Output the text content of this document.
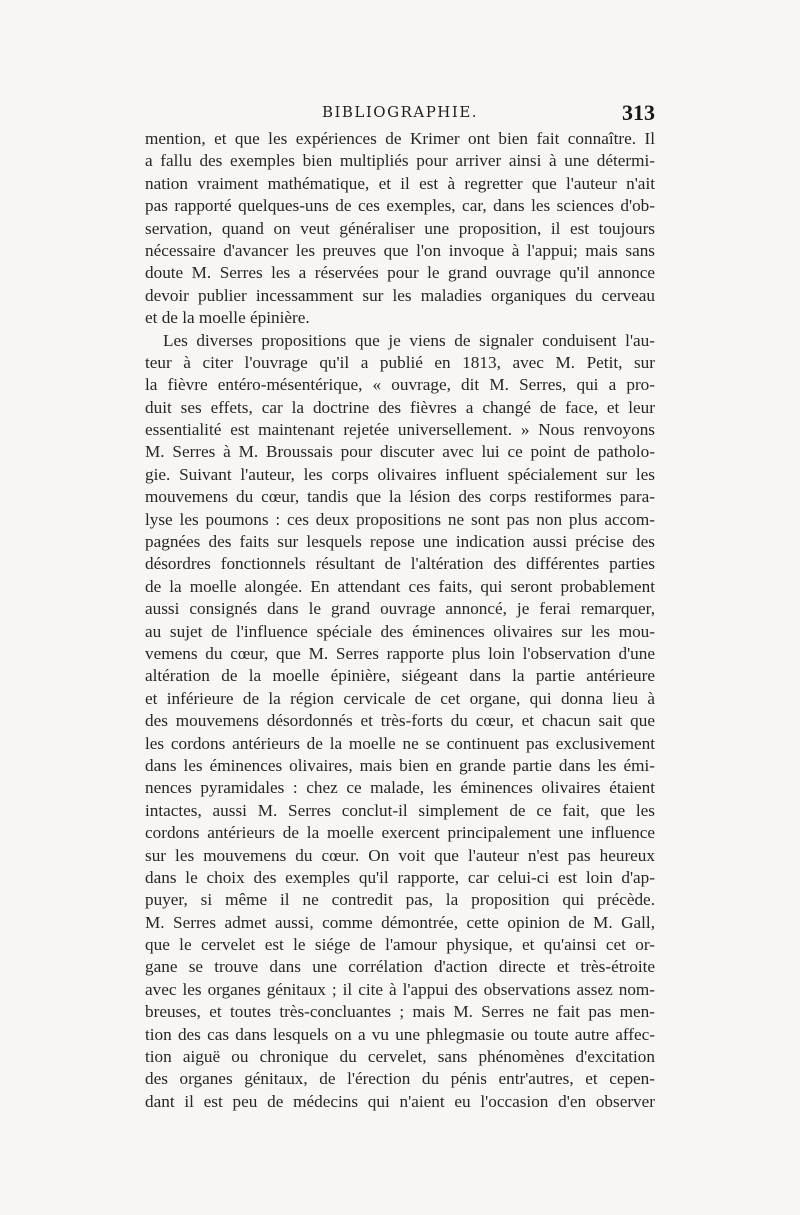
BIBLIOGRAPHIE.	313

mention, et que les expériences de Krimer ont bien fait connaître. Il
a fallu des exemples bien multipliés pour arriver ainsi à une détermi-
nation vraiment mathématique, et il est à regretter que l'auteur n'ait
pas rapporté quelques-uns de ces exemples, car, dans les sciences d'ob-
servation, quand on veut généraliser une proposition, il est toujours
nécessaire d'avancer les preuves que l'on invoque à l'appui; mais sans
doute M. Serres les a réservées pour le grand ouvrage qu'il annonce
devoir publier incessamment sur les maladies organiques du cerveau
et de la moelle épinière.

Les diverses propositions que je viens de signaler conduisent l'au-
teur à citer l'ouvrage qu'il a publié en 1813, avec M. Petit, sur
la fièvre entéro-mésentérique, « ouvrage, dit M. Serres, qui a pro-
duit ses effets, car la doctrine des fièvres a changé de face, et leur
essentialité est maintenant rejetée universellement. » Nous renvoyons
M. Serres à M. Broussais pour discuter avec lui ce point de patholo-
gie. Suivant l'auteur, les corps olivaires influent spécialement sur les
mouvemens du cœur, tandis que la lésion des corps restiformes para-
lyse les poumons : ces deux propositions ne sont pas non plus accom-
pagnées des faits sur lesquels repose une indication aussi précise des
désordres fonctionnels résultant de l'altération des différentes parties
de la moelle alongée. En attendant ces faits, qui seront probablement
aussi consignés dans le grand ouvrage annoncé, je ferai remarquer,
au sujet de l'influence spéciale des éminences olivaires sur les mou-
vemens du cœur, que M. Serres rapporte plus loin l'observation d'une
altération de la moelle épinière, siégeant dans la partie antérieure
et inférieure de la région cervicale de cet organe, qui donna lieu à
des mouvemens désordonnés et très-forts du cœur, et chacun sait que
les cordons antérieurs de la moelle ne se continuent pas exclusivement
dans les éminences olivaires, mais bien en grande partie dans les émi-
nences pyramidales : chez ce malade, les éminences olivaires étaient
intactes, aussi M. Serres conclut-il simplement de ce fait, que les
cordons antérieurs de la moelle exercent principalement une influence
sur les mouvemens du cœur. On voit que l'auteur n'est pas heureux
dans le choix des exemples qu'il rapporte, car celui-ci est loin d'ap-
puyer, si même il ne contredit pas, la proposition qui précède.
M. Serres admet aussi, comme démontrée, cette opinion de M. Gall,
que le cervelet est le siége de l'amour physique, et qu'ainsi cet or-
gane se trouve dans une corrélation d'action directe et très-étroite
avec les organes génitaux ; il cite à l'appui des observations assez nom-
breuses, et toutes très-concluantes ; mais M. Serres ne fait pas men-
tion des cas dans lesquels on a vu une phlegmasie ou toute autre affec-
tion aiguë ou chronique du cervelet, sans phénomènes d'excitation
des organes génitaux, de l'érection du pénis entr'autres, et cepen-
dant il est peu de médecins qui n'aient eu l'occasion d'en observer
